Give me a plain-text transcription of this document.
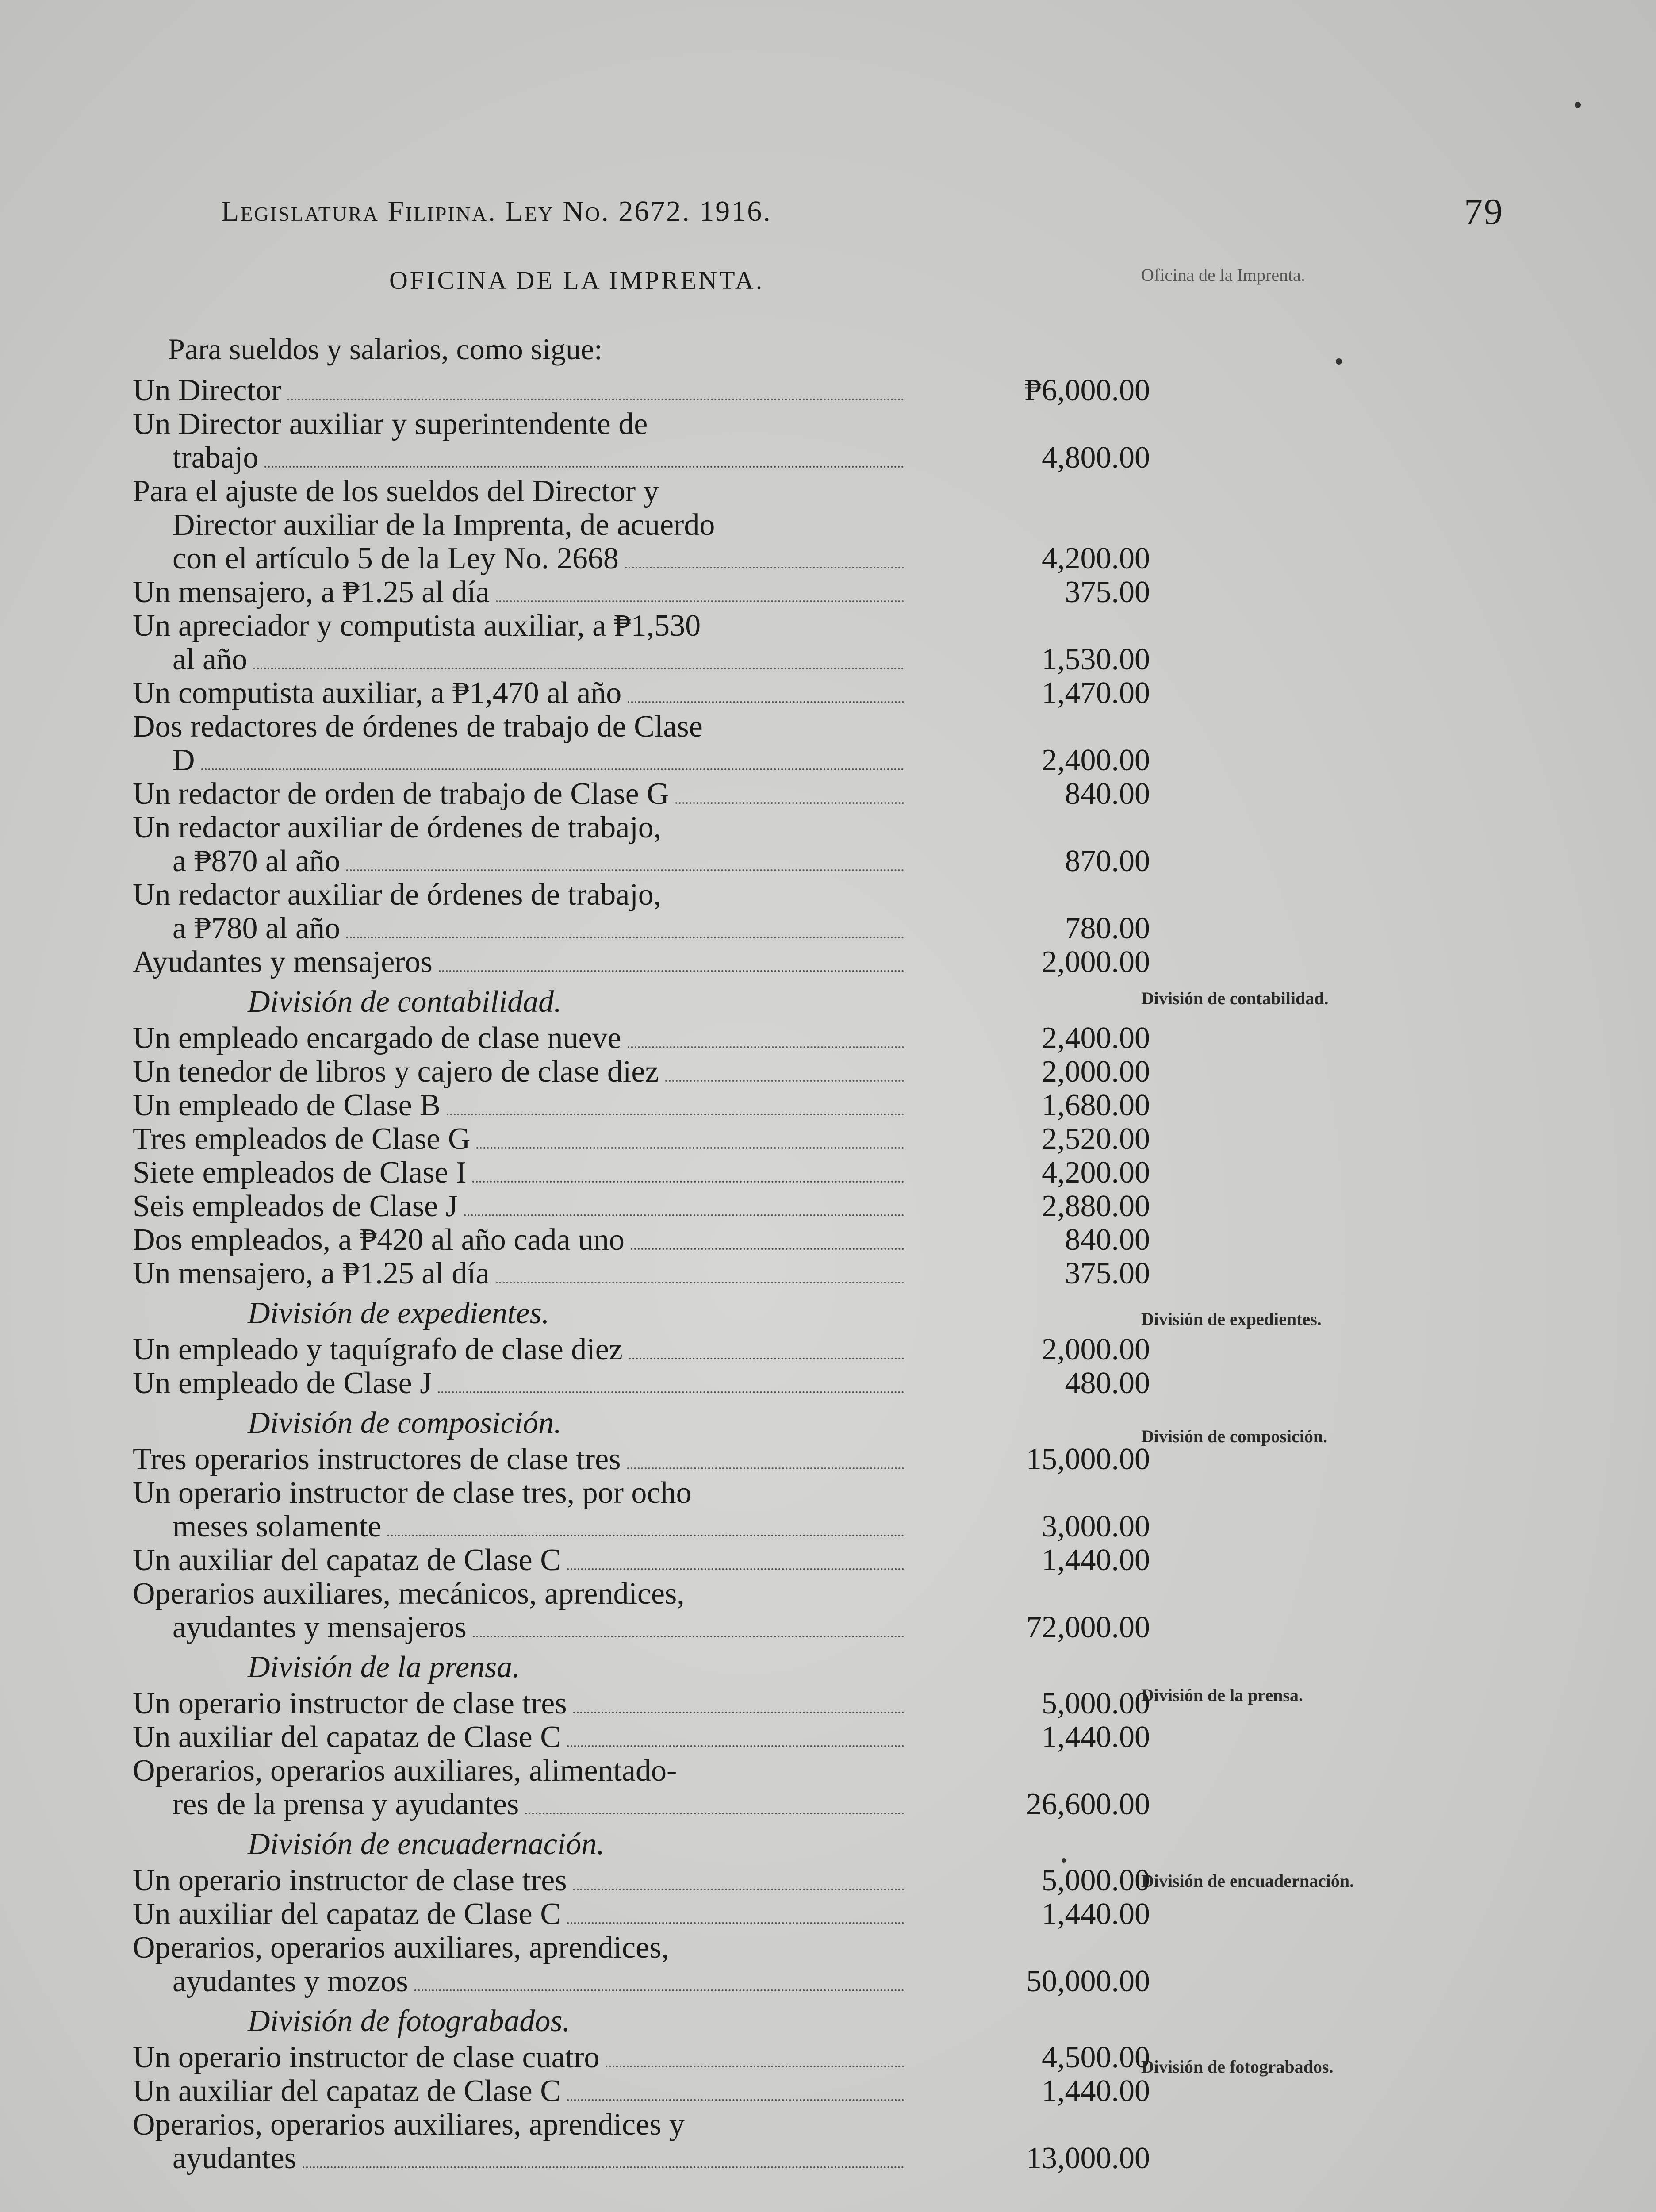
Legislatura Filipina. Ley No. 2672. 1916.	79
OFICINA DE LA IMPRENTA.	Oficina de la Imprenta.
División de contabilidad.
División de expedientes.
División de composición.
División de la prensa.
División de encuadernación.
División de fotograbados.
Para sueldos y salarios, como sigue:
Un Director	₱6,000.00
Un Director auxiliar y superintendente de
trabajo	4,800.00
Para el ajuste de los sueldos del Director y
Director auxiliar de la Imprenta, de acuerdo
con el artículo 5 de la Ley No. 2668	4,200.00
Un mensajero, a ₱1.25 al día	375.00
Un apreciador y computista auxiliar, a ₱1,530
al año	1,530.00
Un computista auxiliar, a ₱1,470 al año	1,470.00
Dos redactores de órdenes de trabajo de Clase
D	2,400.00
Un redactor de orden de trabajo de Clase G	840.00
Un redactor auxiliar de órdenes de trabajo,
a ₱870 al año	870.00
Un redactor auxiliar de órdenes de trabajo,
a ₱780 al año	780.00
Ayudantes y mensajeros	2,000.00
División de contabilidad.
Un empleado encargado de clase nueve	2,400.00
Un tenedor de libros y cajero de clase diez	2,000.00
Un empleado de Clase B	1,680.00
Tres empleados de Clase G	2,520.00
Siete empleados de Clase I	4,200.00
Seis empleados de Clase J	2,880.00
Dos empleados, a ₱420 al año cada uno	840.00
Un mensajero, a ₱1.25 al día	375.00
División de expedientes.
Un empleado y taquígrafo de clase diez	2,000.00
Un empleado de Clase J	480.00
División de composición.
Tres operarios instructores de clase tres	15,000.00
Un operario instructor de clase tres, por ocho
meses solamente	3,000.00
Un auxiliar del capataz de Clase C	1,440.00
Operarios auxiliares, mecánicos, aprendices,
ayudantes y mensajeros	72,000.00
División de la prensa.
Un operario instructor de clase tres	5,000.00
Un auxiliar del capataz de Clase C	1,440.00
Operarios, operarios auxiliares, alimentado-
res de la prensa y ayudantes	26,600.00
División de encuadernación.
Un operario instructor de clase tres	5,000.00
Un auxiliar del capataz de Clase C	1,440.00
Operarios, operarios auxiliares, aprendices,
ayudantes y mozos	50,000.00
División de fotograbados.
Un operario instructor de clase cuatro	4,500.00
Un auxiliar del capataz de Clase C	1,440.00
Operarios, operarios auxiliares, aprendices y
ayudantes	13,000.00
